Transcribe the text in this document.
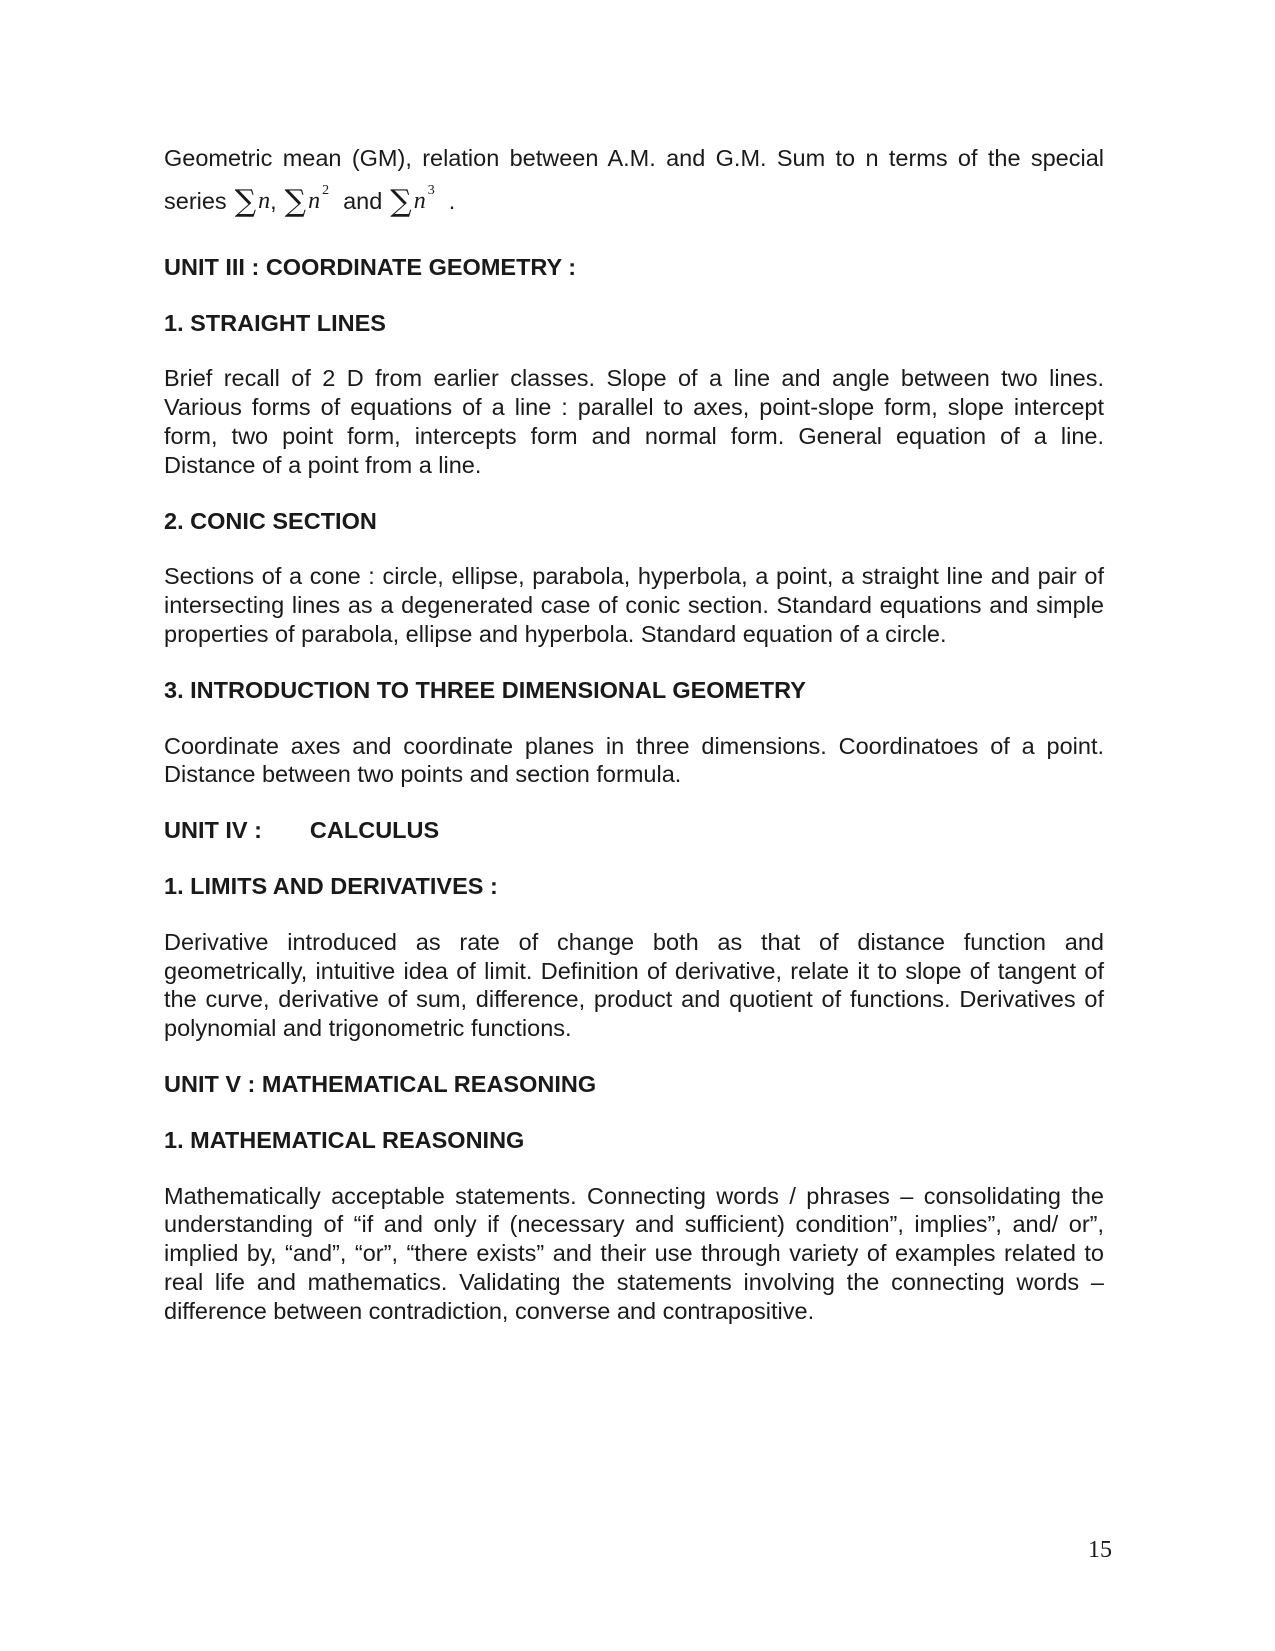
Geometric mean (GM), relation between A.M. and G.M. Sum to n terms of the special

series ∑ n , ∑ n 2 and ∑ n 3 .

UNIT III : COORDINATE GEOMETRY :

1. STRAIGHT LINES

Brief recall of 2 D from earlier classes. Slope of a line and angle between two lines. Various forms of equations of a line : parallel to axes, point-slope form, slope intercept form, two point form, intercepts form and normal form. General equation of a line. Distance of a point from a line.

2. CONIC SECTION

Sections of a cone : circle, ellipse, parabola, hyperbola, a point, a straight line and pair of intersecting lines as a degenerated case of conic section. Standard equations and simple properties of parabola, ellipse and hyperbola. Standard equation of a circle.

3. INTRODUCTION TO THREE DIMENSIONAL GEOMETRY

Coordinate axes and coordinate planes in three dimensions. Coordinatoes of a point. Distance between two points and section formula.

UNIT IV : CALCULUS

1. LIMITS AND DERIVATIVES :

Derivative introduced as rate of change both as that of distance function and geometrically, intuitive idea of limit. Definition of derivative, relate it to slope of tangent of the curve, derivative of sum, difference, product and quotient of functions. Derivatives of polynomial and trigonometric functions.

UNIT V : MATHEMATICAL REASONING

1. MATHEMATICAL REASONING

Mathematically acceptable statements. Connecting words / phrases – consolidating the understanding of “if and only if (necessary and sufficient) condition”, implies”, and/ or”, implied by, “and”, “or”, “there exists” and their use through variety of examples related to real life and mathematics. Validating the statements involving the connecting words – difference between contradiction, converse and contrapositive.

15
